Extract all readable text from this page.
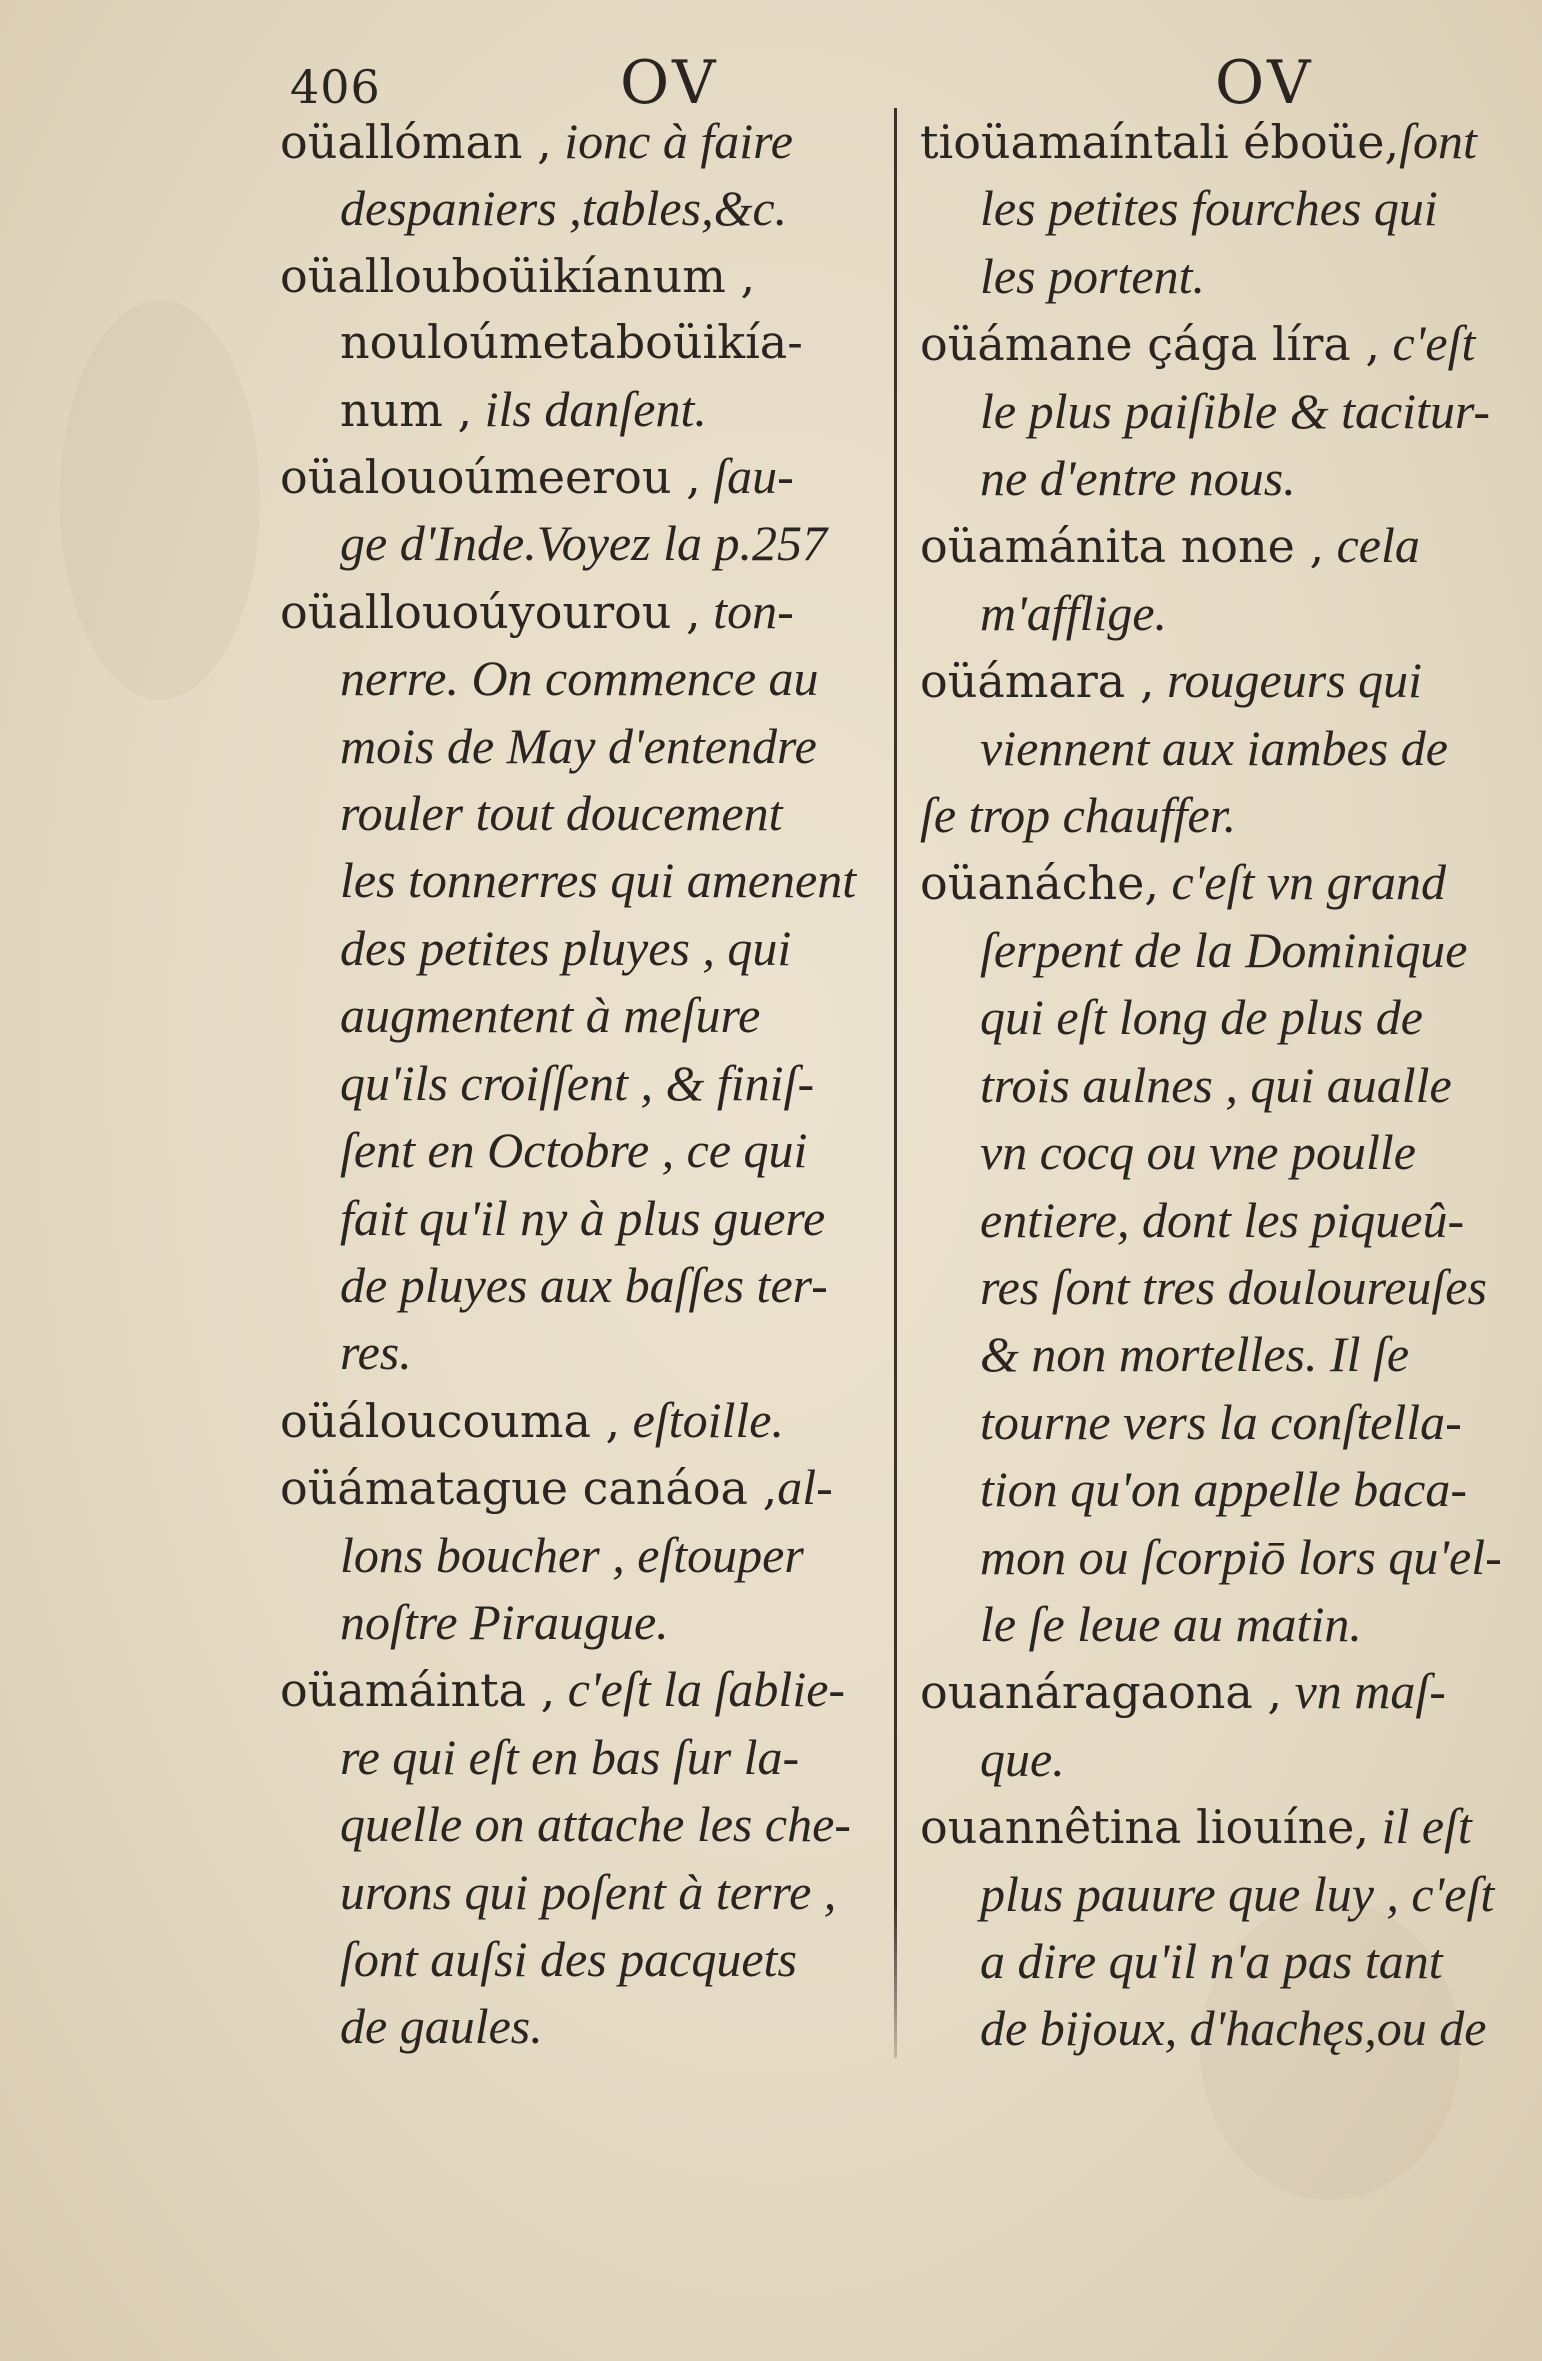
406	OV	OV
oüallóman , ionc à faire
despaniers ,tables,&c.
oüallouboüikíanum ,
nouloúmetaboüikía-
num , ils danſent.
oüalouoúmeerou , ſau-
ge d'Inde.Voyez la p.257
oüallouoúyourou , ton-
nerre. On commence au
mois de May d'entendre
rouler tout doucement
les tonnerres qui amenent
des petites pluyes , qui
augmentent à meſure
qu'ils croiſſent , & finiſ-
ſent en Octobre , ce qui
fait qu'il ny à plus guere
de pluyes aux baſſes ter-
res.
oüáloucouma , eſtoille.
oüámatague canáoa ,al-
lons boucher , eſtouper
noſtre Piraugue.
oüamáinta , c'eſt la ſablie-
re qui eſt en bas ſur la-
quelle on attache les che-
urons qui poſent à terre ,
ſont auſsi des pacquets
de gaules.
tioüamaíntali éboüe,ſont
les petites fourches qui
les portent.
oüámane çága líra , c'eſt
le plus paiſible & tacitur-
ne d'entre nous.
oüamánita none , cela
m'afflige.
oüámara , rougeurs qui
viennent aux iambes de
ſe trop chauffer.
oüanáche, c'eſt vn grand
ſerpent de la Dominique
qui eſt long de plus de
trois aulnes , qui aualle
vn cocq ou vne poulle
entiere, dont les piqueû-
res ſont tres douloureuſes
& non mortelles. Il ſe
tourne vers la conſtella-
tion qu'on appelle baca-
mon ou ſcorpiō lors qu'el-
le ſe leue au matin.
ouanáragaona , vn maſ-
que.
ouannêtina liouíne, il eſt
plus pauure que luy , c'eſt
a dire qu'il n'a pas tant
de bijoux, d'hachęs,ou de
